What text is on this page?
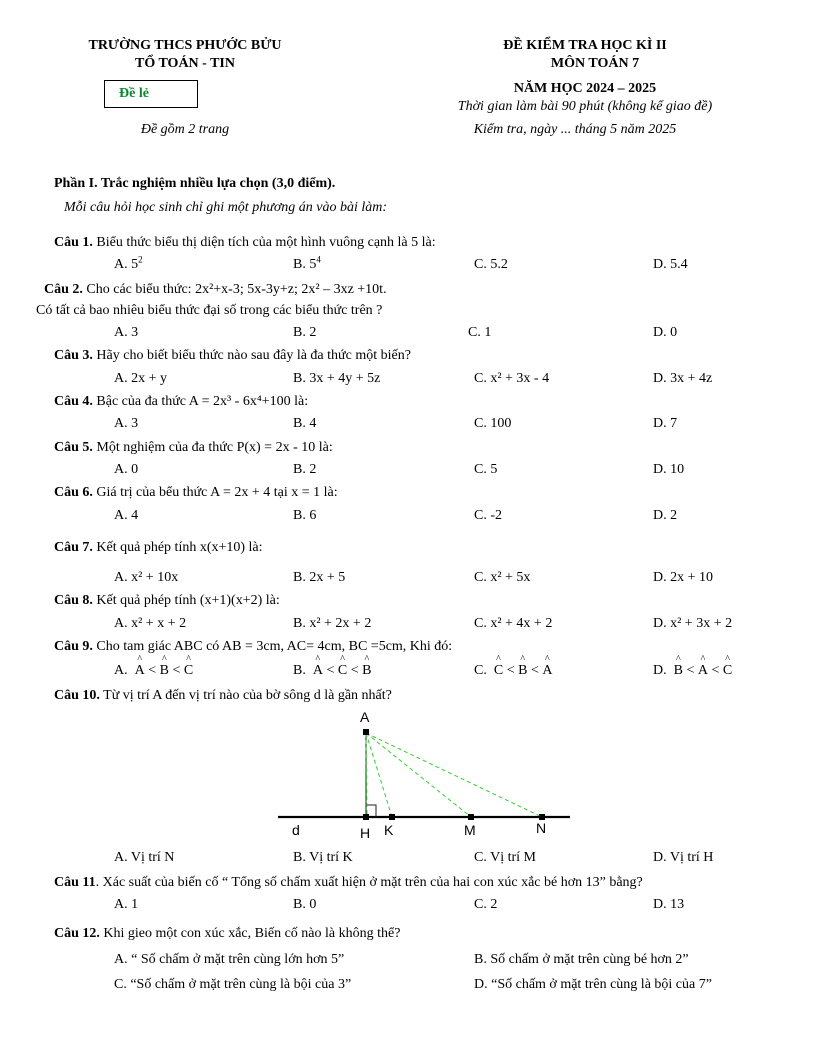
TRƯỜNG THCS PHƯỚC BỬU
TỔ TOÁN - TIN
Đề lẻ
Đề gồm 2 trang
ĐỀ KIỂM TRA HỌC KÌ II
MÔN TOÁN 7
NĂM HỌC 2024 – 2025
Thời gian làm bài 90 phút (không kể giao đề)
Kiểm tra, ngày ... tháng 5 năm 2025
Phần I. Trắc nghiệm nhiều lựa chọn (3,0 điểm).
Mỗi câu hỏi học sinh chỉ ghi một phương án vào bài làm:
Câu 1. Biểu thức biểu thị diện tích của một hình vuông cạnh là 5 là:
A. $5^2$	B. $5^4$	C. 5.2	D. 5.4
Câu 2. Cho các biểu thức: 2x²+x-3; 5x-3y+z; 2x² – 3xz +10t.
Có tất cả bao nhiêu biểu thức đại số trong các biểu thức trên ?
A. 3	B. 2	C. 1	D. 0
Câu 3. Hãy cho biết biểu thức nào sau đây là đa thức một biến?
A. 2x + y	B. 3x + 4y + 5z	C. x² + 3x - 4	D. 3x + 4z
Câu 4. Bậc của đa thức A = 2x³ - 6x⁴+100 là:
A. 3	B. 4	C. 100	D. 7
Câu 5. Một nghiệm của đa thức P(x) = 2x - 10 là:
A. 0	B. 2	C. 5	D. 10
Câu 6. Giá trị của bểu thức A = 2x + 4 tại x = 1 là:
A. 4	B. 6	C. -2	D. 2
Câu 7. Kết quả phép tính x(x+10) là:
A. x² + 10x	B. 2x + 5	C. x² + 5x	D. 2x + 10
Câu 8. Kết quả phép tính (x+1)(x+2) là:
A. x² + x + 2	B. x² + 2x + 2	C. x² + 4x + 2	D. x² + 3x + 2
Câu 9. Cho tam giác ABC có AB = 3cm, AC= 4cm, BC =5cm, Khi đó:
A. ^ A < ^ B < ^ C	B. ^ A < ^ C < ^ B	C. ^ C < ^ B < ^ A	D. ^ B < ^ A < ^ C
Câu 10. Từ vị trí A đến vị trí nào của bờ sông d là gần nhất?
A
H K	M	N
d
A. Vị trí N	B. Vị trí K	C. Vị trí M	D. Vị trí H
Câu 11. Xác suất của biến cố “ Tổng số chấm xuất hiện ở mặt trên của hai con xúc xắc bé hơn 13” bằng?
A. 1	B. 0	C. 2	D. 13
Câu 12. Khi gieo một con xúc xắc, Biến cố nào là không thể?
A. “ Số chấm ở mặt trên cùng lớn hơn 5”	B. Số chấm ở mặt trên cùng bé hơn 2”
C. “Số chấm ở mặt trên cùng là bội của 3”	D. “Số chấm ở mặt trên cùng là bội của 7”
